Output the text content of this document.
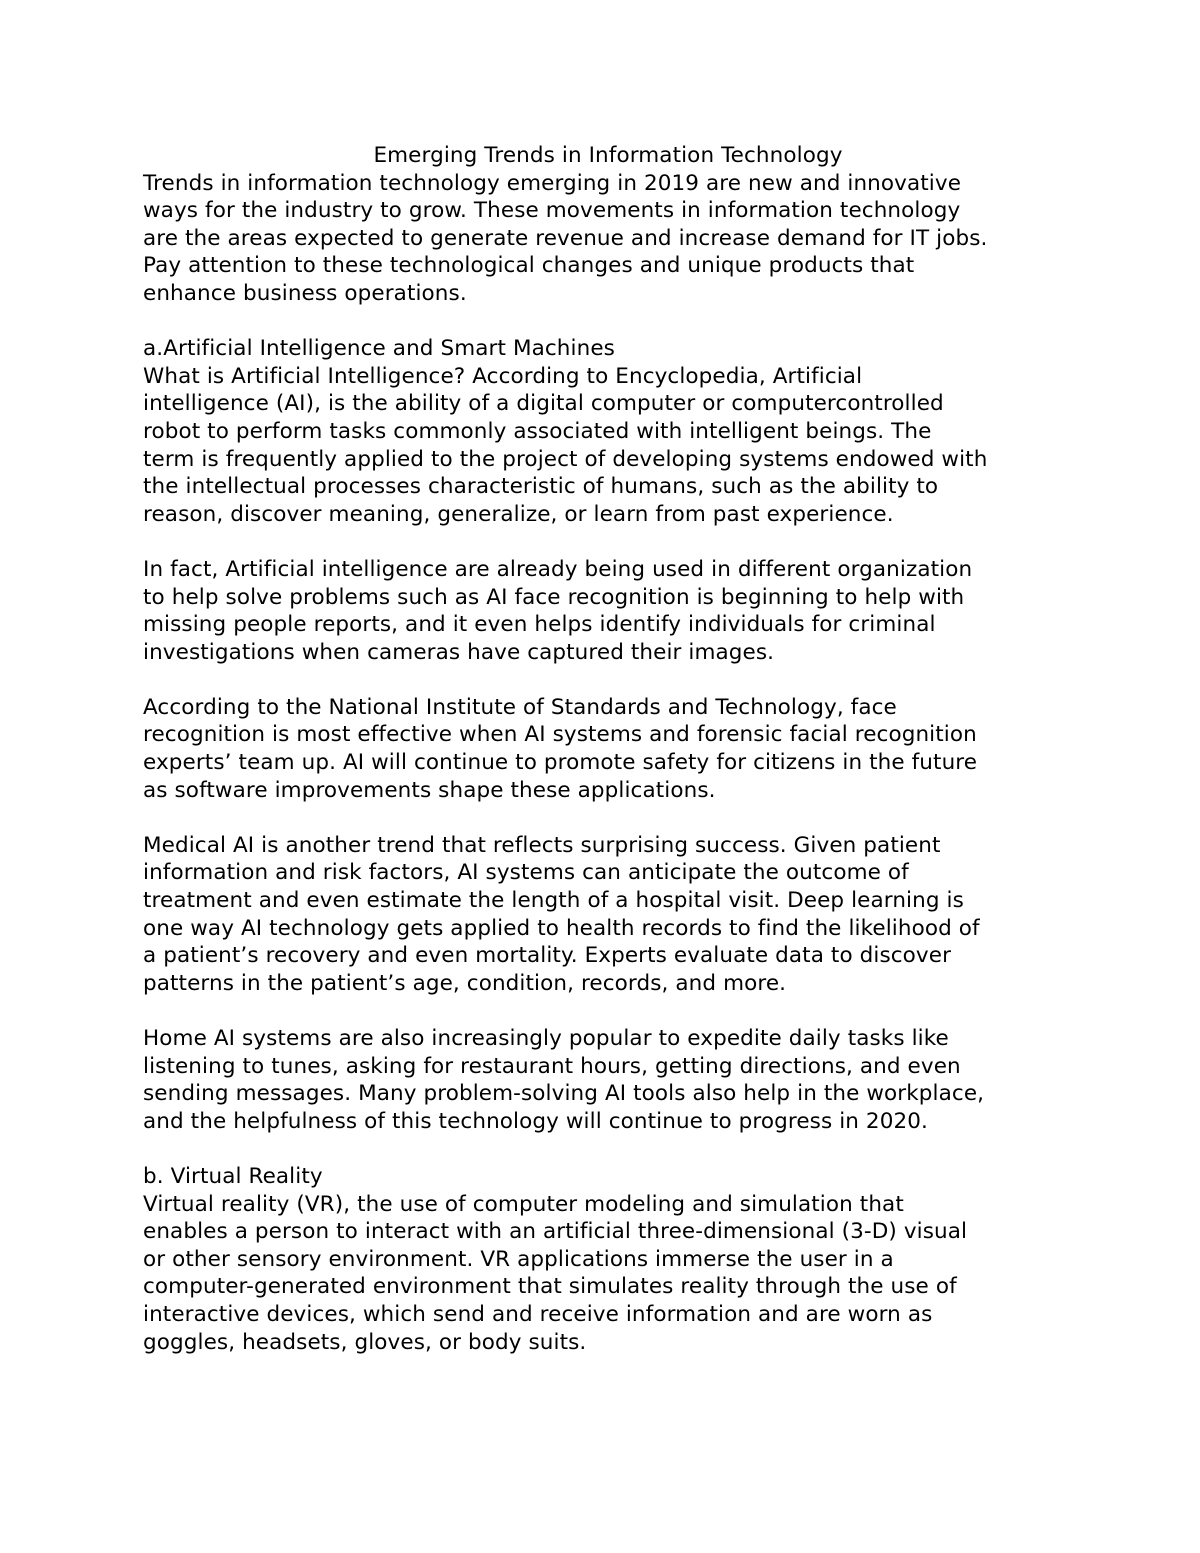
Emerging Trends in Information Technology
Trends in information technology emerging in 2019 are new and innovative
ways for the industry to grow. These movements in information technology
are the areas expected to generate revenue and increase demand for IT jobs.
Pay attention to these technological changes and unique products that
enhance business operations.
a.Artificial Intelligence and Smart Machines
What is Artificial Intelligence? According to Encyclopedia, Artificial
intelligence (AI), is the ability of a digital computer or computercontrolled
robot to perform tasks commonly associated with intelligent beings. The
term is frequently applied to the project of developing systems endowed with
the intellectual processes characteristic of humans, such as the ability to
reason, discover meaning, generalize, or learn from past experience.
In fact, Artificial intelligence are already being used in different organization
to help solve problems such as AI face recognition is beginning to help with
missing people reports, and it even helps identify individuals for criminal
investigations when cameras have captured their images.
According to the National Institute of Standards and Technology, face
recognition is most effective when AI systems and forensic facial recognition
experts’ team up. AI will continue to promote safety for citizens in the future
as software improvements shape these applications.
Medical AI is another trend that reflects surprising success. Given patient
information and risk factors, AI systems can anticipate the outcome of
treatment and even estimate the length of a hospital visit. Deep learning is
one way AI technology gets applied to health records to find the likelihood of
a patient’s recovery and even mortality. Experts evaluate data to discover
patterns in the patient’s age, condition, records, and more.
Home AI systems are also increasingly popular to expedite daily tasks like
listening to tunes, asking for restaurant hours, getting directions, and even
sending messages. Many problem-solving AI tools also help in the workplace,
and the helpfulness of this technology will continue to progress in 2020.
b. Virtual Reality
Virtual reality (VR), the use of computer modeling and simulation that
enables a person to interact with an artificial three-dimensional (3-D) visual
or other sensory environment. VR applications immerse the user in a
computer-generated environment that simulates reality through the use of
interactive devices, which send and receive information and are worn as
goggles, headsets, gloves, or body suits.
